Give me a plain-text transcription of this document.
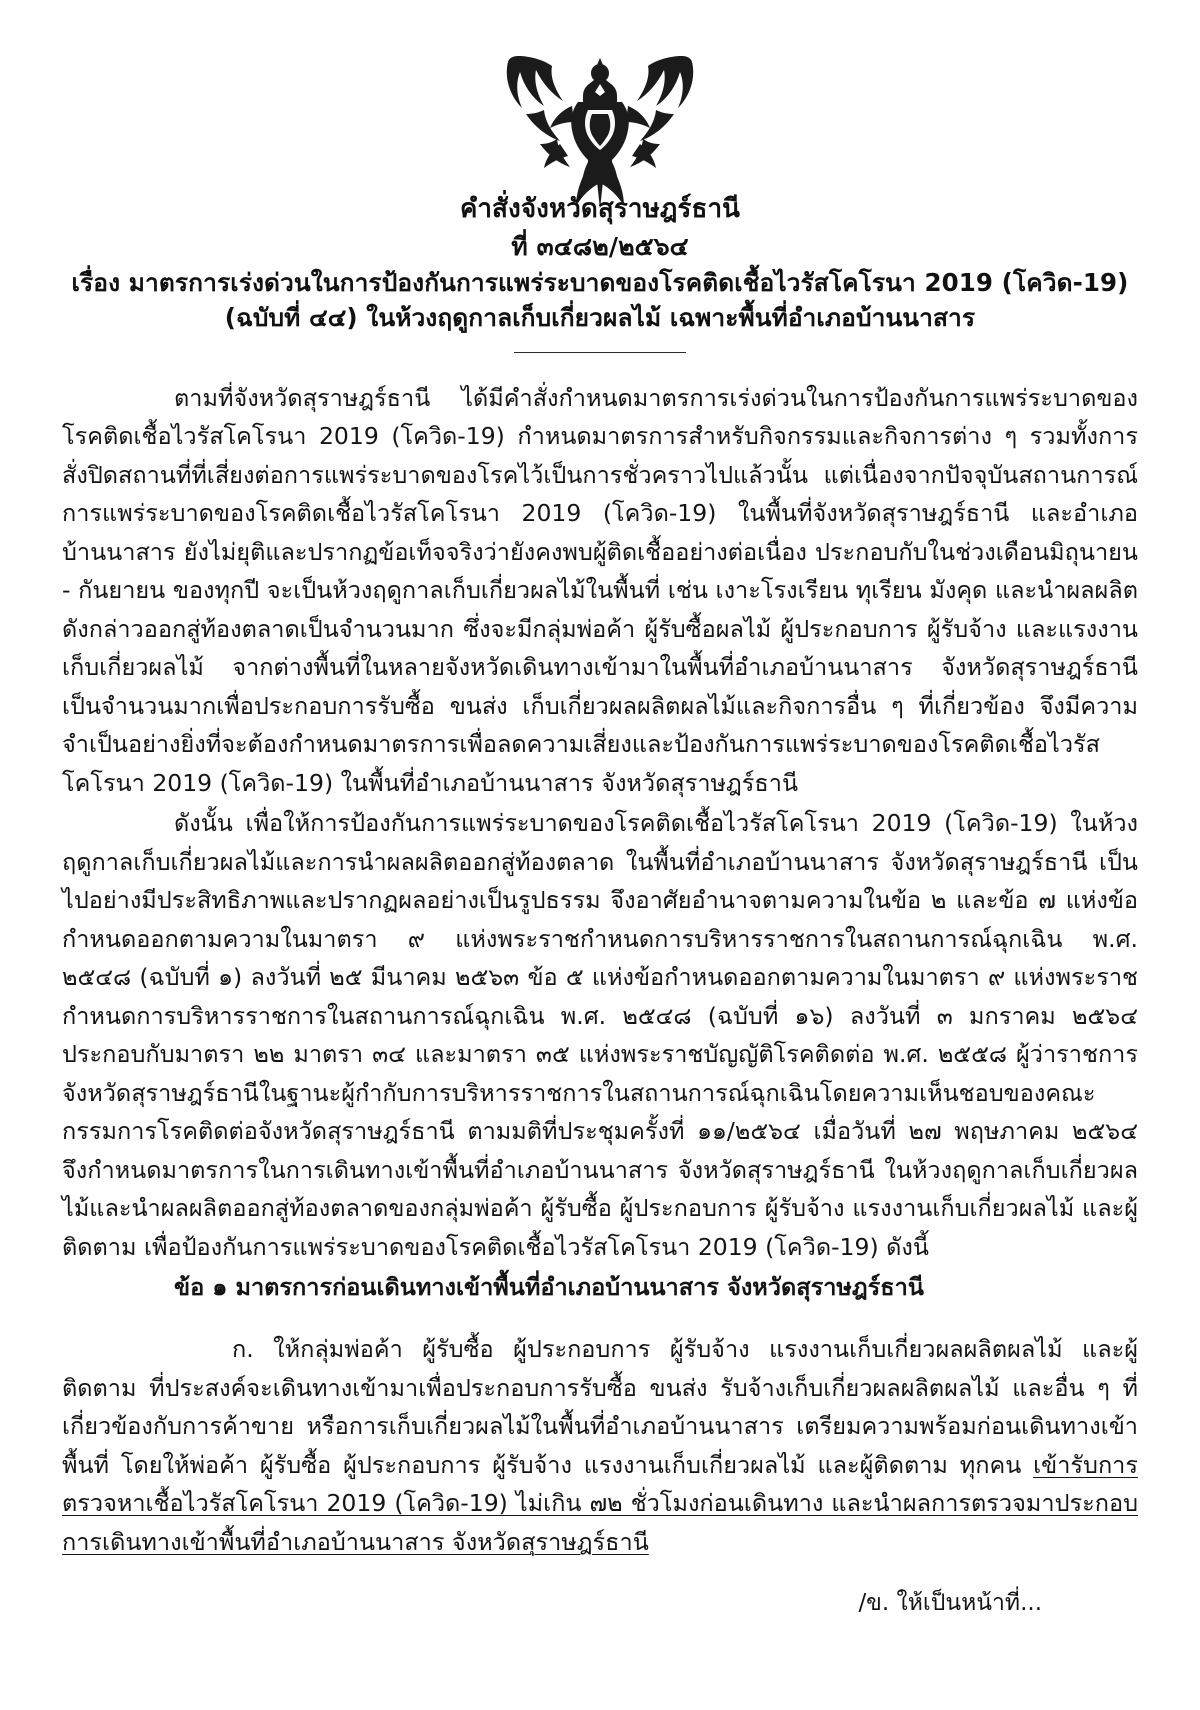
คำสั่งจังหวัดสุราษฎร์ธานี
ที่ ๓๔๘๒/๒๕๖๔
เรื่อง มาตรการเร่งด่วนในการป้องกันการแพร่ระบาดของโรคติดเชื้อไวรัสโคโรนา 2019 (โควิด-19)
(ฉบับที่ ๔๔) ในห้วงฤดูกาลเก็บเกี่ยวผลไม้ เฉพาะพื้นที่อำเภอบ้านนาสาร

ตามที่จังหวัดสุราษฎร์ธานี ได้มีคำสั่งกำหนดมาตรการเร่งด่วนในการป้องกันการแพร่ระบาดของโรคติดเชื้อไวรัสโคโรนา 2019 (โควิด-19) กำหนดมาตรการสำหรับกิจกรรมและกิจการต่าง ๆ รวมทั้งการสั่งปิดสถานที่ที่เสี่ยงต่อการแพร่ระบาดของโรคไว้เป็นการชั่วคราวไปแล้วนั้น แต่เนื่องจากปัจจุบันสถานการณ์การแพร่ระบาดของโรคติดเชื้อไวรัสโคโรนา 2019 (โควิด-19) ในพื้นที่จังหวัดสุราษฎร์ธานี และอำเภอบ้านนาสาร ยังไม่ยุติและปรากฏข้อเท็จจริงว่ายังคงพบผู้ติดเชื้ออย่างต่อเนื่อง ประกอบกับในช่วงเดือนมิถุนายน - กันยายน ของทุกปี จะเป็นห้วงฤดูกาลเก็บเกี่ยวผลไม้ในพื้นที่ เช่น เงาะโรงเรียน ทุเรียน มังคุด และนำผลผลิตดังกล่าวออกสู่ท้องตลาดเป็นจำนวนมาก ซึ่งจะมีกลุ่มพ่อค้า ผู้รับซื้อผลไม้ ผู้ประกอบการ ผู้รับจ้าง และแรงงานเก็บเกี่ยวผลไม้ จากต่างพื้นที่ในหลายจังหวัดเดินทางเข้ามาในพื้นที่อำเภอบ้านนาสาร จังหวัดสุราษฎร์ธานี เป็นจำนวนมากเพื่อประกอบการรับซื้อ ขนส่ง เก็บเกี่ยวผลผลิตผลไม้และกิจการอื่น ๆ ที่เกี่ยวข้อง จึงมีความจำเป็นอย่างยิ่งที่จะต้องกำหนดมาตรการเพื่อลดความเสี่ยงและป้องกันการแพร่ระบาดของโรคติดเชื้อไวรัสโคโรนา 2019 (โควิด-19) ในพื้นที่อำเภอบ้านนาสาร จังหวัดสุราษฎร์ธานี

ดังนั้น เพื่อให้การป้องกันการแพร่ระบาดของโรคติดเชื้อไวรัสโคโรนา 2019 (โควิด-19) ในห้วงฤดูกาลเก็บเกี่ยวผลไม้และการนำผลผลิตออกสู่ท้องตลาด ในพื้นที่อำเภอบ้านนาสาร จังหวัดสุราษฎร์ธานี เป็นไปอย่างมีประสิทธิภาพและปรากฏผลอย่างเป็นรูปธรรม จึงอาศัยอำนาจตามความในข้อ ๒ และข้อ ๗ แห่งข้อกำหนดออกตามความในมาตรา ๙ แห่งพระราชกำหนดการบริหารราชการในสถานการณ์ฉุกเฉิน พ.ศ. ๒๕๔๘ (ฉบับที่ ๑) ลงวันที่ ๒๕ มีนาคม ๒๕๖๓ ข้อ ๕ แห่งข้อกำหนดออกตามความในมาตรา ๙ แห่งพระราชกำหนดการบริหารราชการในสถานการณ์ฉุกเฉิน พ.ศ. ๒๕๔๘ (ฉบับที่ ๑๖) ลงวันที่ ๓ มกราคม ๒๕๖๔ ประกอบกับมาตรา ๒๒ มาตรา ๓๔ และมาตรา ๓๕ แห่งพระราชบัญญัติโรคติดต่อ พ.ศ. ๒๕๕๘ ผู้ว่าราชการจังหวัดสุราษฎร์ธานีในฐานะผู้กำกับการบริหารราชการในสถานการณ์ฉุกเฉินโดยความเห็นชอบของคณะกรรมการโรคติดต่อจังหวัดสุราษฎร์ธานี ตามมติที่ประชุมครั้งที่ ๑๑/๒๕๖๔ เมื่อวันที่ ๒๗ พฤษภาคม ๒๕๖๔ จึงกำหนดมาตรการในการเดินทางเข้าพื้นที่อำเภอบ้านนาสาร จังหวัดสุราษฎร์ธานี ในห้วงฤดูกาลเก็บเกี่ยวผลไม้และนำผลผลิตออกสู่ท้องตลาดของกลุ่มพ่อค้า ผู้รับซื้อ ผู้ประกอบการ ผู้รับจ้าง แรงงานเก็บเกี่ยวผลไม้ และผู้ติดตาม เพื่อป้องกันการแพร่ระบาดของโรคติดเชื้อไวรัสโคโรนา 2019 (โควิด-19) ดังนี้

ข้อ ๑ มาตรการก่อนเดินทางเข้าพื้นที่อำเภอบ้านนาสาร จังหวัดสุราษฎร์ธานี

ก. ให้กลุ่มพ่อค้า ผู้รับซื้อ ผู้ประกอบการ ผู้รับจ้าง แรงงานเก็บเกี่ยวผลผลิตผลไม้ และผู้ติดตาม ที่ประสงค์จะเดินทางเข้ามาเพื่อประกอบการรับซื้อ ขนส่ง รับจ้างเก็บเกี่ยวผลผลิตผลไม้ และอื่น ๆ ที่เกี่ยวข้องกับการค้าขาย หรือการเก็บเกี่ยวผลไม้ในพื้นที่อำเภอบ้านนาสาร เตรียมความพร้อมก่อนเดินทางเข้าพื้นที่ โดยให้พ่อค้า ผู้รับซื้อ ผู้ประกอบการ ผู้รับจ้าง แรงงานเก็บเกี่ยวผลไม้ และผู้ติดตาม ทุกคน เข้ารับการตรวจหาเชื้อไวรัสโคโรนา 2019 (โควิด-19) ไม่เกิน ๗๒ ชั่วโมงก่อนเดินทาง และนำผลการตรวจมาประกอบการเดินทางเข้าพื้นที่อำเภอบ้านนาสาร จังหวัดสุราษฎร์ธานี

/ข. ให้เป็นหน้าที่...
